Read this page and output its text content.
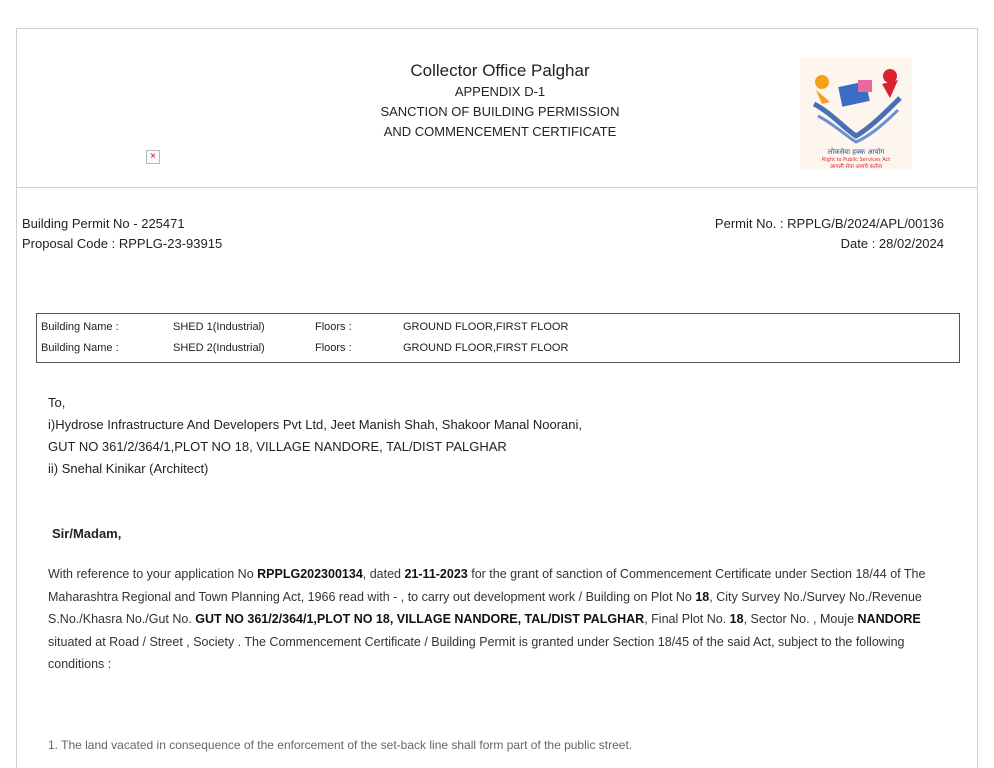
×
Collector Office Palghar
APPENDIX D-1
SANCTION OF BUILDING PERMISSION
AND COMMENCEMENT CERTIFICATE
लोकसेवा हक्क आयोग
Right to Public Services Act
आपली सेवा आमचे कर्तव्य
Building Permit No - 225471
Proposal Code : RPPLG-23-93915
Permit No. : RPPLG/B/2024/APL/00136
Date : 28/02/2024
Building Name :	SHED 1(Industrial)	Floors :	GROUND FLOOR,FIRST FLOOR
Building Name :	SHED 2(Industrial)	Floors :	GROUND FLOOR,FIRST FLOOR
To,
i)Hydrose Infrastructure And Developers Pvt Ltd, Jeet Manish Shah, Shakoor Manal Noorani,
GUT NO 361/2/364/1,PLOT NO 18, VILLAGE NANDORE, TAL/DIST PALGHAR
ii) Snehal Kinikar (Architect)
Sir/Madam,
With reference to your application No RPPLG202300134, dated 21-11-2023 for the grant of sanction of Commencement Certificate under Section 18/44 of The Maharashtra Regional and Town Planning Act, 1966 read with - , to carry out development work / Building on Plot No 18, City Survey No./Survey No./Revenue S.No./Khasra No./Gut No. GUT NO 361/2/364/1,PLOT NO 18, VILLAGE NANDORE, TAL/DIST PALGHAR, Final Plot No. 18, Sector No. , Mouje NANDORE situated at Road / Street , Society . The Commencement Certificate / Building Permit is granted under Section 18/45 of the said Act, subject to the following conditions :
1. The land vacated in consequence of the enforcement of the set-back line shall form part of the public street.
